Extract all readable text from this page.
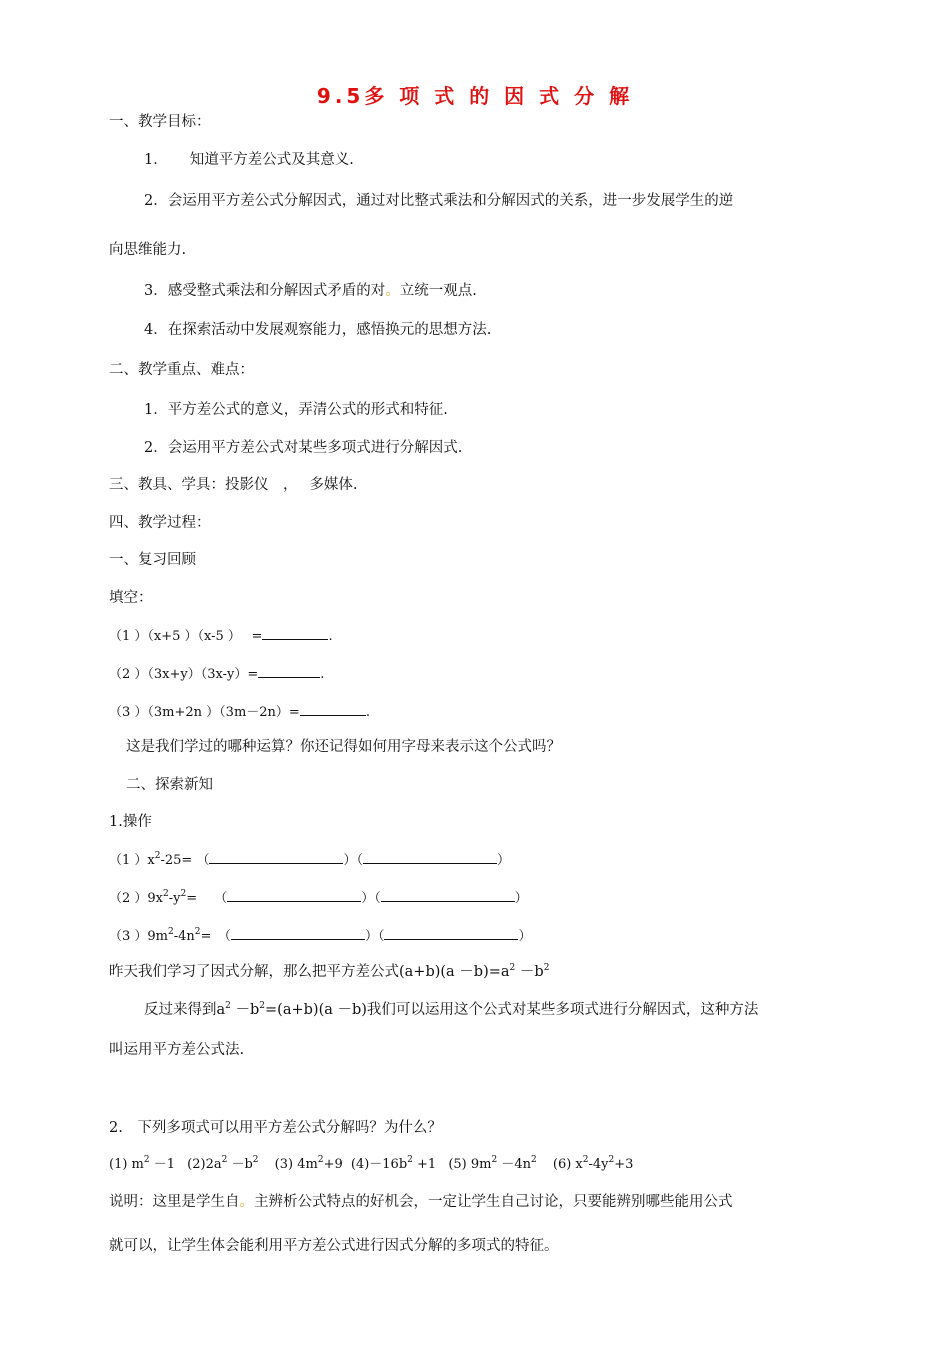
9.5多 项 式 的 因 式 分 解
一、教学目标：
1． 知道平方差公式及其意义.
2．会运用平方差公式分解因式，通过对比整式乘法和分解因式的关系，进一步发展学生的逆
向思维能力.
3．感受整式乘法和分解因式矛盾的对。立统一观点.
4．在探索活动中发展观察能力，感悟换元的思想方法.
二、教学重点、难点：
1．平方差公式的意义，弄清公式的形式和特征.
2．会运用平方差公式对某些多项式进行分解因式.
三、教具、学具：投影仪　，　 多媒体.
四、教学过程：
一、复习回顾
填空：
（1 ）（x+5 ）（x-5 ）　 =	.
（2 ）（3x+y）（3x-y）=	.
（3 ）（3m+2n ）（3m－2n）=	.
这是我们学过的哪种运算？你还记得如何用字母来表示这个公式吗？
二、探索新知
1.操作
（1 ）$x^2-25=$ （	）（	）
（2 ）$9x^2-y^2=$　 （	）（	）
（3 ）$9m^2-4n^2=$　（	）（	）
昨天我们学习了因式分解，那么把平方差公式$(a+b)(a -b)=a^2 -b^2$
反过来得到$a^2 -b^2=(a+b)(a -b)$我们可以运用这个公式对某些多项式进行分解因式，这种方法
叫运用平方差公式法.
2.　下列多项式可以用平方差公式分解吗？为什么？
(1) $m^2 -1$ $(2)2a^2 -b^2$ (3) $4m^2+9$ $(4)-16b^2 +1$ (5) $9m^2 -4n^2$ (6) $x^2-4y^2+3$
说明：这里是学生自。主辨析公式特点的好机会，一定让学生自己讨论，只要能辨别哪些能用公式
就可以，让学生体会能利用平方差公式进行因式分解的多项式的特征。
